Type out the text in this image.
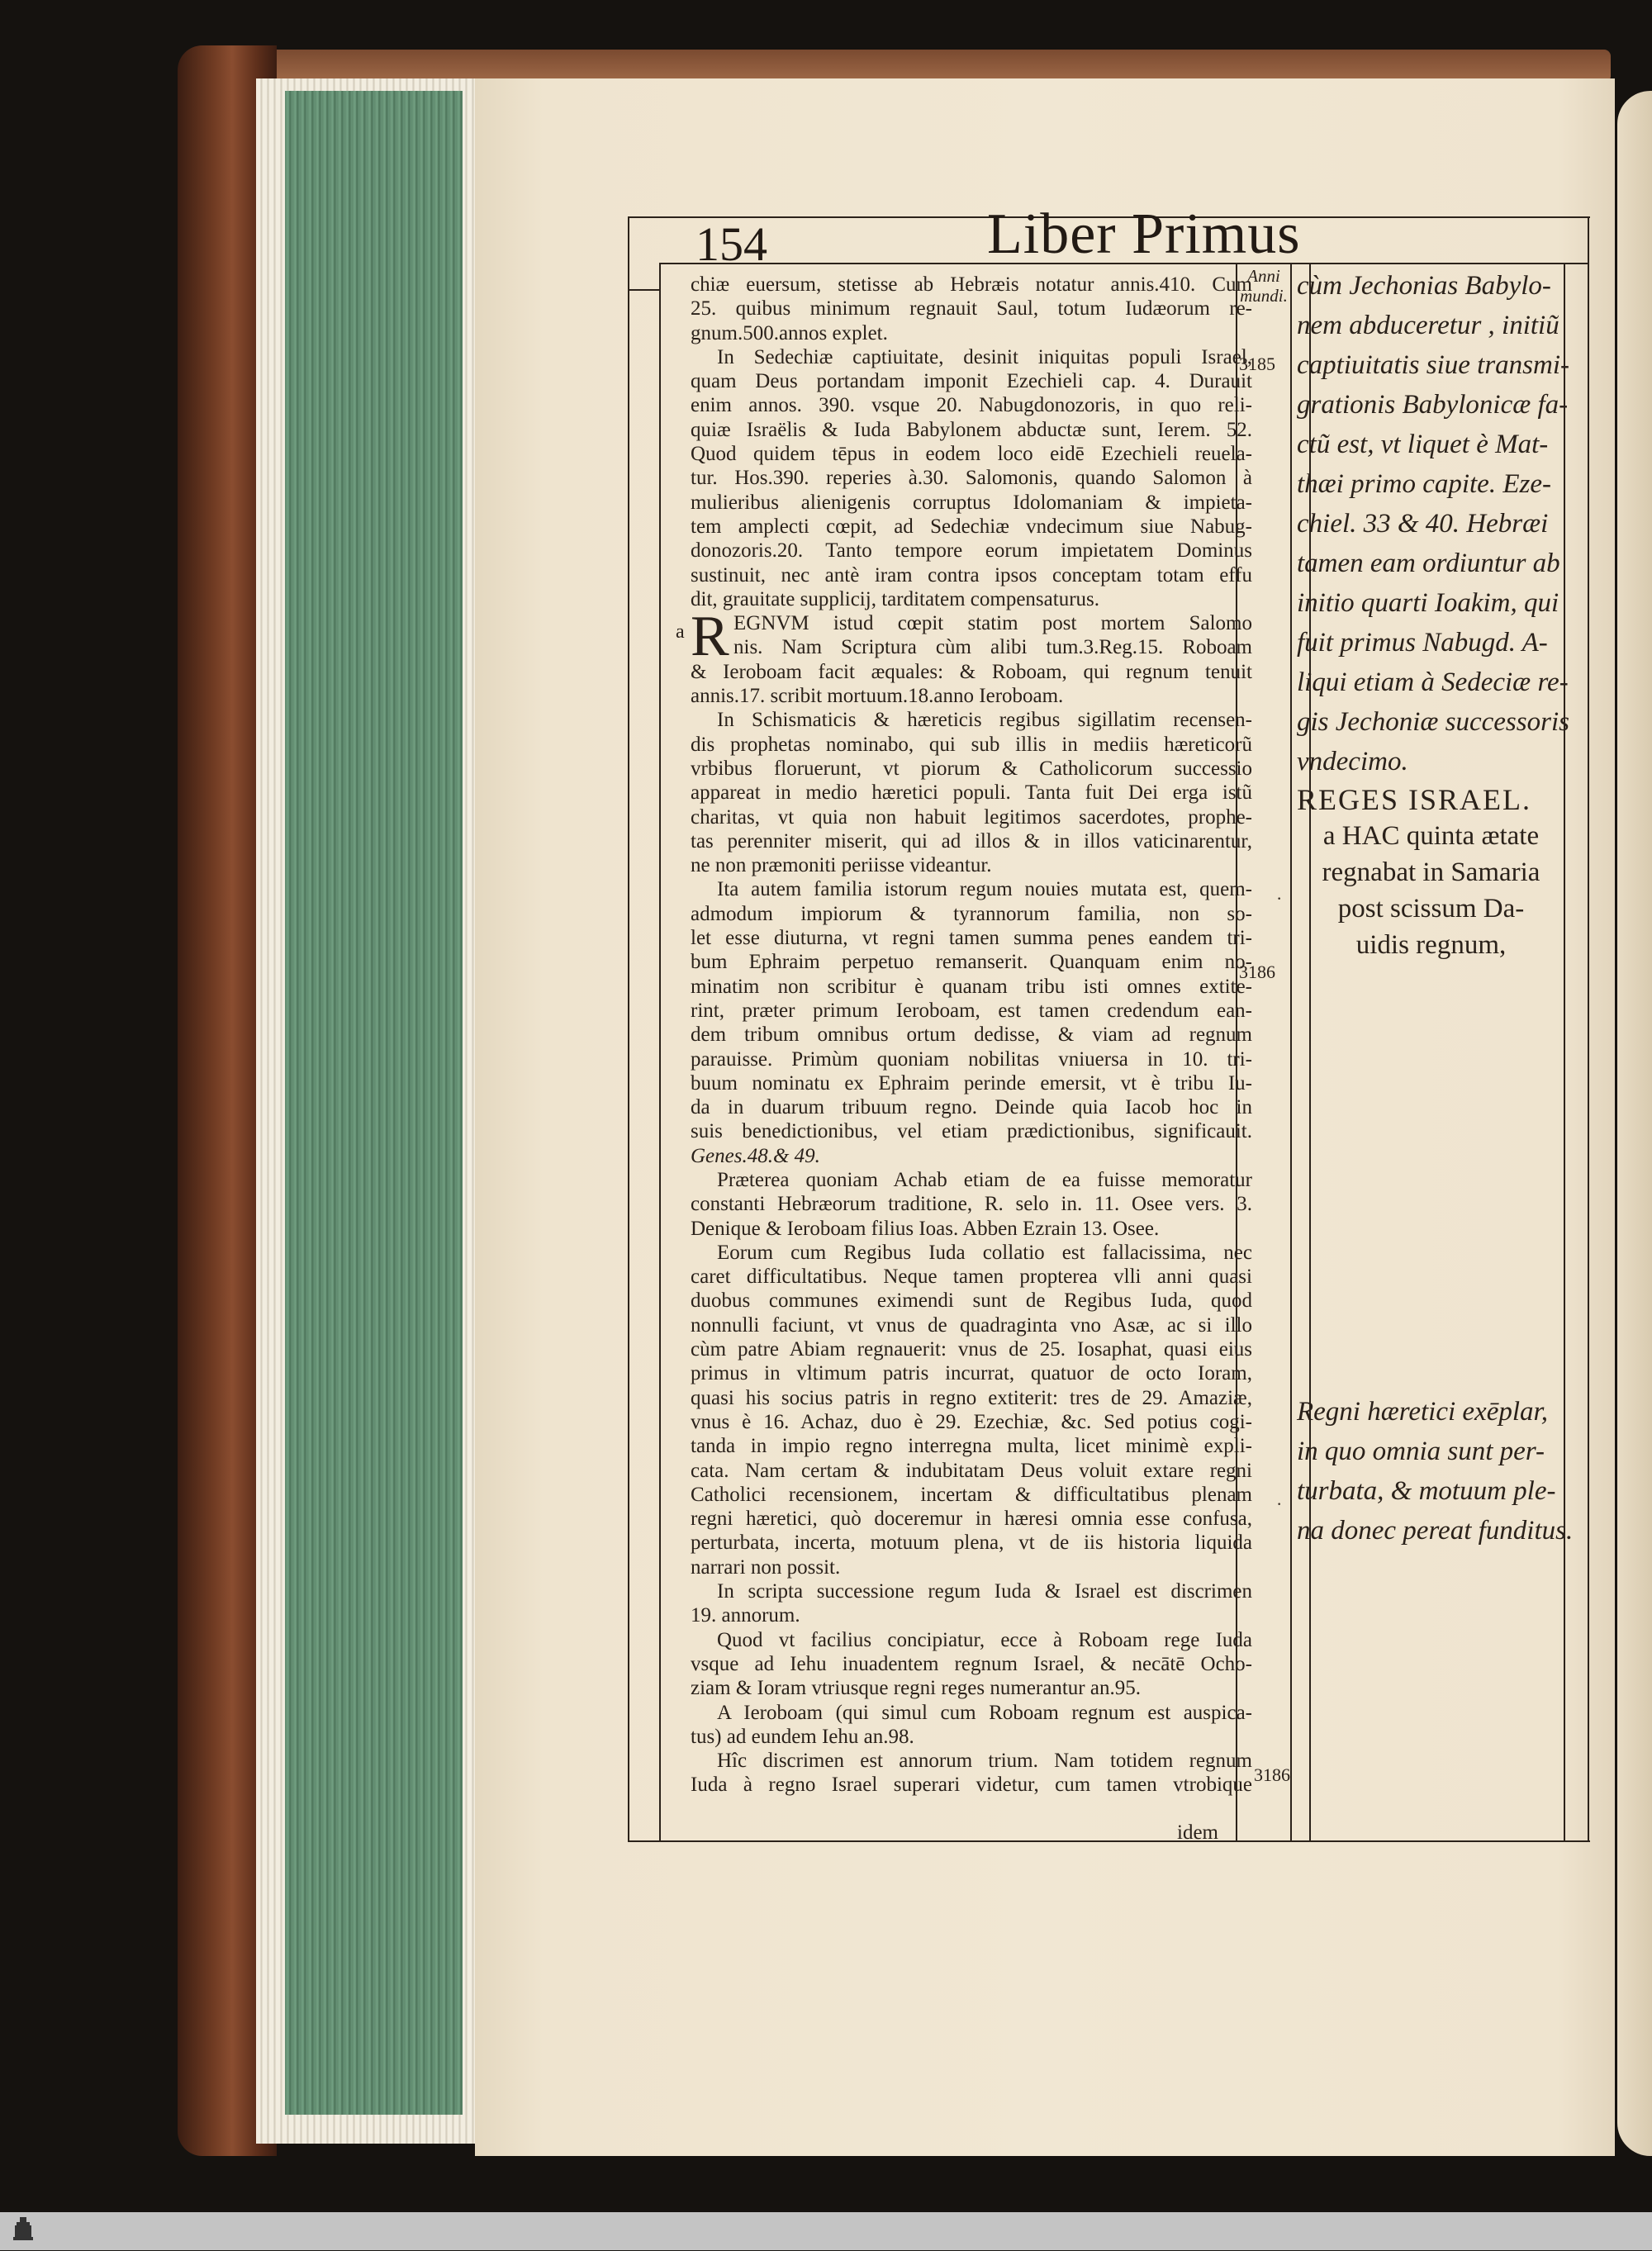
154	Liber Primus
Anni mundi.
3185
3186
3186
a
chiæ euersum, stetisse ab Hebræis notatur annis.410. Cum
25. quibus minimum regnauit Saul, totum Iudæorum re-
gnum.500.annos explet.
In Sedechiæ captiuitate, desinit iniquitas populi Israel,
quam Deus portandam imponit Ezechieli cap. 4. Durauit
enim annos. 390. vsque 20. Nabugdonozoris, in quo reli-
quiæ Israëlis & Iuda Babylonem abductæ sunt, Ierem. 52.
Quod quidem tēpus in eodem loco eidē Ezechieli reuela-
tur. Hos.390. reperies à.30. Salomonis, quando Salomon à
mulieribus alienigenis corruptus Idolomaniam & impieta-
tem amplecti cœpit, ad Sedechiæ vndecimum siue Nabug-
donozoris.20. Tanto tempore eorum impietatem Dominus
sustinuit, nec antè iram contra ipsos conceptam totam effu
dit, grauitate supplicij, tarditatem compensaturus.
R EGNVM istud cœpit statim post mortem Salomo
nis. Nam Scriptura cùm alibi tum.3.Reg.15. Roboam
& Ieroboam facit æquales: & Roboam, qui regnum tenuit
annis.17. scribit mortuum.18.anno Ieroboam.
In Schismaticis & hæreticis regibus sigillatim recensen-
dis prophetas nominabo, qui sub illis in mediis hæreticorũ
vrbibus floruerunt, vt piorum & Catholicorum successio
appareat in medio hæretici populi. Tanta fuit Dei erga istũ
charitas, vt quia non habuit legitimos sacerdotes, prophe-
tas perenniter miserit, qui ad illos & in illos vaticinarentur,
ne non præmoniti periisse videantur.
Ita autem familia istorum regum nouies mutata est, quem-
admodum impiorum & tyrannorum familia, non so-
let esse diuturna, vt regni tamen summa penes eandem tri-
bum Ephraim perpetuo remanserit. Quanquam enim no-
minatim non scribitur è quanam tribu isti omnes extite-
rint, præter primum Ieroboam, est tamen credendum ean-
dem tribum omnibus ortum dedisse, & viam ad regnum
parauisse. Primùm quoniam nobilitas vniuersa in 10. tri-
buum nominatu ex Ephraim perinde emersit, vt è tribu Iu-
da in duarum tribuum regno. Deinde quia Iacob hoc in
suis benedictionibus, vel etiam prædictionibus, significauit.
Genes.48.& 49.
Præterea quoniam Achab etiam de ea fuisse memoratur
constanti Hebræorum traditione, R. selo in. 11. Osee vers. 3.
Denique & Ieroboam filius Ioas. Abben Ezrain 13. Osee.
Eorum cum Regibus Iuda collatio est fallacissima, nec
caret difficultatibus. Neque tamen propterea vlli anni quasi
duobus communes eximendi sunt de Regibus Iuda, quod
nonnulli faciunt, vt vnus de quadraginta vno Asæ, ac si illo
cùm patre Abiam regnauerit: vnus de 25. Iosaphat, quasi eius
primus in vltimum patris incurrat, quatuor de octo Ioram,
quasi his socius patris in regno extiterit: tres de 29. Amaziæ,
vnus è 16. Achaz, duo è 29. Ezechiæ, &c. Sed potius cogi-
tanda in impio regno interregna multa, licet minimè expli-
cata. Nam certam & indubitatam Deus voluit extare regni
Catholici recensionem, incertam & difficultatibus plenam
regni hæretici, quò doceremur in hæresi omnia esse confusa,
perturbata, incerta, motuum plena, vt de iis historia liquida
narrari non possit.
In scripta successione regum Iuda & Israel est discrimen
19. annorum.
Quod vt facilius concipiatur, ecce à Roboam rege Iuda
vsque ad Iehu inuadentem regnum Israel, & necātē Ocho-
ziam & Ioram vtriusque regni reges numerantur an.95.
A Ieroboam (qui simul cum Roboam regnum est auspica-
tus) ad eundem Iehu an.98.
Hîc discrimen est annorum trium. Nam totidem regnum
Iuda à regno Israel superari videtur, cum tamen vtrobique
idem
cùm Jechonias Babylo-
nem abduceretur , initiũ
captiuitatis siue transmi-
grationis Babylonicæ fa-
ctũ est, vt liquet è Mat-
thæi primo capite. Eze-
chiel. 33 & 40. Hebræi
tamen eam ordiuntur ab
initio quarti Ioakim, qui
fuit primus Nabugd. A-
liqui etiam à Sedeciæ re-
gis Jechoniæ successoris
vndecimo.
REGES ISRAEL.
a HAC quinta ætate
regnabat in Samaria
post scissum Da-
uidis regnum,
Regni hæretici exēplar,
in quo omnia sunt per-
turbata, & motuum ple-
na donec pereat funditus.
·
·
